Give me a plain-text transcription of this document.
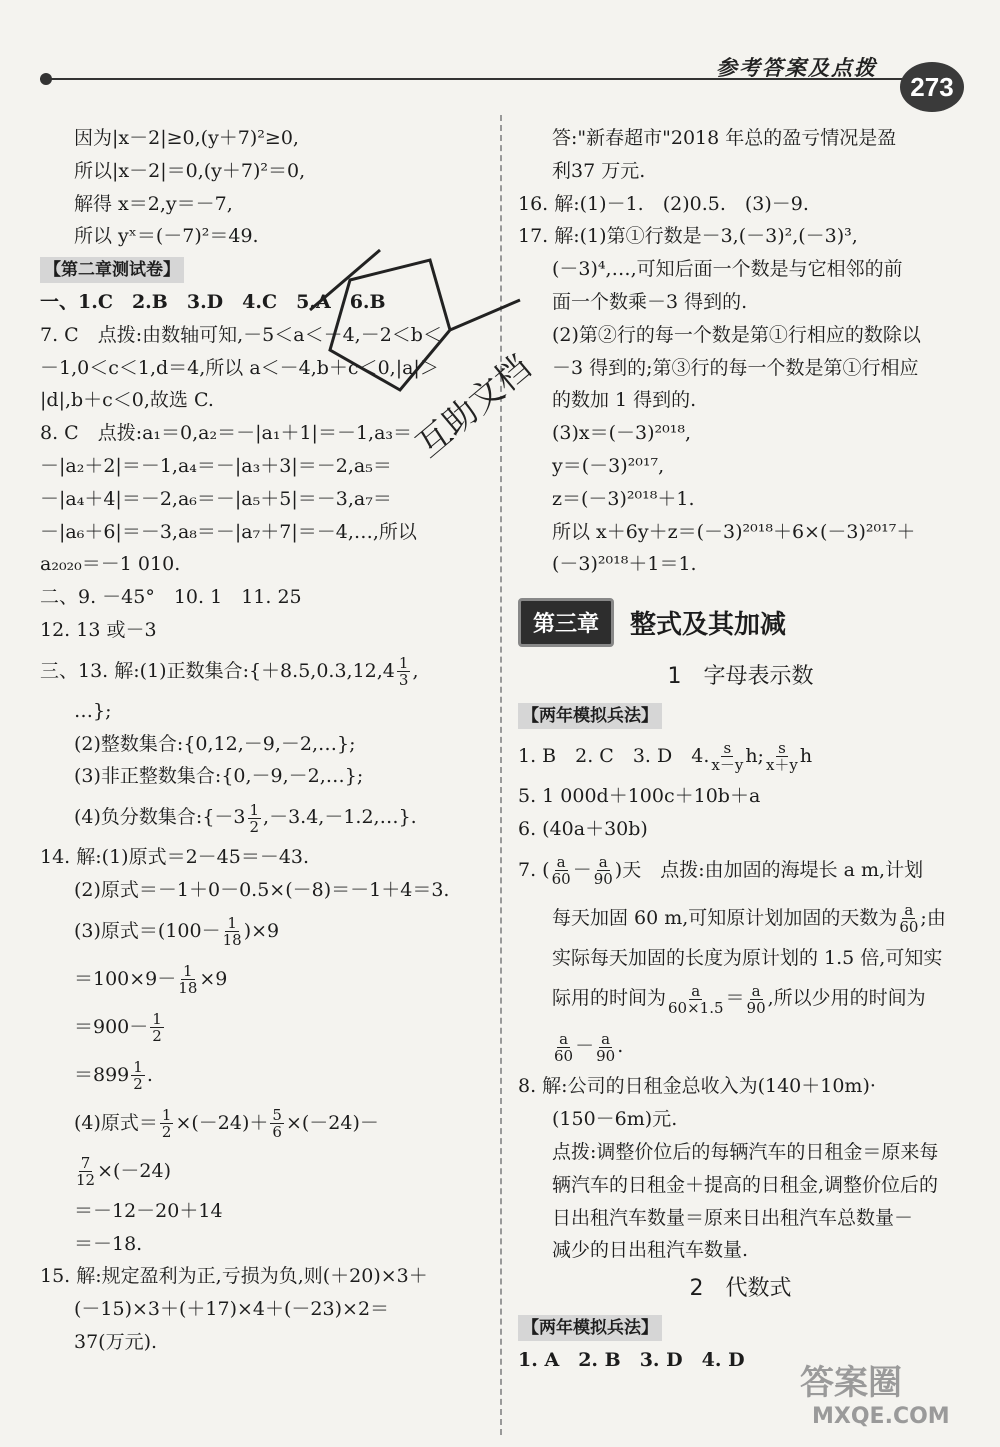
参考答案及点拨
273
因为|x－2|≥0,(y＋7)²≥0,
所以|x－2|＝0,(y＋7)²＝0,
解得 x＝2,y＝－7,
所以 yˣ＝(－7)²＝49.
【第二章测试卷】
一、1.C　2.B　3.D　4.C　5.A　6.B
7. C　点拨:由数轴可知,－5＜a＜－4,－2＜b＜
－1,0＜c＜1,d＝4,所以 a＜－4,b＋c＜0,|a|＞
|d|,b＋c＜0,故选 C.
8. C　点拨:a₁＝0,a₂＝－|a₁＋1|＝－1,a₃＝
－|a₂＋2|＝－1,a₄＝－|a₃＋3|＝－2,a₅＝
－|a₄＋4|＝－2,a₆＝－|a₅＋5|＝－3,a₇＝
－|a₆＋6|＝－3,a₈＝－|a₇＋7|＝－4,…,所以
a₂₀₂₀＝－1 010.
二、9. －45°　10. 1　11. 25
12. 13 或－3
三、13. 解:(1)正数集合:{＋8.5,0.3,12,4 $\frac{1}{3}$ ,
…};
(2)整数集合:{0,12,－9,－2,…};
(3)非正整数集合:{0,－9,－2,…};
(4)负分数集合:{－3 $\frac{1}{2}$ ,－3.4,－1.2,…}.
14. 解:(1)原式＝2－45＝－43.
(2)原式＝－1＋0－0.5×(－8)＝－1＋4＝3.
(3)原式$=(100- \frac{1}{18} )\times 9$
$=100\times 9- \frac{1}{18} \times 9$
$=900- \frac{1}{2}$
$=899 \frac{1}{2}$ .
(4)原式＝ $\frac{1}{2} \times(-24)+ \frac{5}{6} \times(-24)-$
$\frac{7}{12} \times(-24)$
＝－12－20＋14
＝－18.
15. 解:规定盈利为正,亏损为负,则(＋20)×3＋
(－15)×3＋(＋17)×4＋(－23)×2＝
37(万元).
答:"新春超市"2018 年总的盈亏情况是盈
利37 万元.
16. 解:(1)－1.　(2)0.5.　(3)－9.
17. 解:(1)第①行数是－3,(－3)²,(－3)³,
(－3)⁴,…,可知后面一个数是与它相邻的前
面一个数乘－3 得到的.
(2)第②行的每一个数是第①行相应的数除以
－3 得到的;第③行的每一个数是第①行相应
的数加 1 得到的.
(3)x＝(－3)²⁰¹⁸,
y＝(－3)²⁰¹⁷,
z＝(－3)²⁰¹⁸＋1.
所以 x＋6y＋z＝(－3)²⁰¹⁸＋6×(－3)²⁰¹⁷＋
(－3)²⁰¹⁸＋1＝1.
第三章	整式及其加减
1　字母表示数
【两年模拟兵法】
1. B　2. C　3. D　4. $\frac{s}{x-y} h$; $\frac{s}{x+y}$ h
5. 1 000d＋100c＋10b＋a
6. (40a＋30b)
7. ( $\frac{a}{60} - \frac{a}{90}$ )天　点拨:由加固的海堤长 a m,计划
每天加固 60 m,可知原计划加固的天数为 $\frac{a}{60}$ ;由
实际每天加固的长度为原计划的 1.5 倍,可知实
际用的时间为 $\frac{a}{60\times 1.5} = \frac{a}{90}$ ,所以少用的时间为
$\frac{a}{60} - \frac{a}{90}$ .
8. 解:公司的日租金总收入为(140＋10m)·
(150－6m)元.
点拨:调整价位后的每辆汽车的日租金＝原来每
辆汽车的日租金＋提高的日租金,调整价位后的
日出租汽车数量＝原来日出租汽车总数量－
减少的日出租汽车数量.
2　代数式
【两年模拟兵法】
1. A　2. B　3. D　4. D
互助文档
答案圈
MXQE.COM
